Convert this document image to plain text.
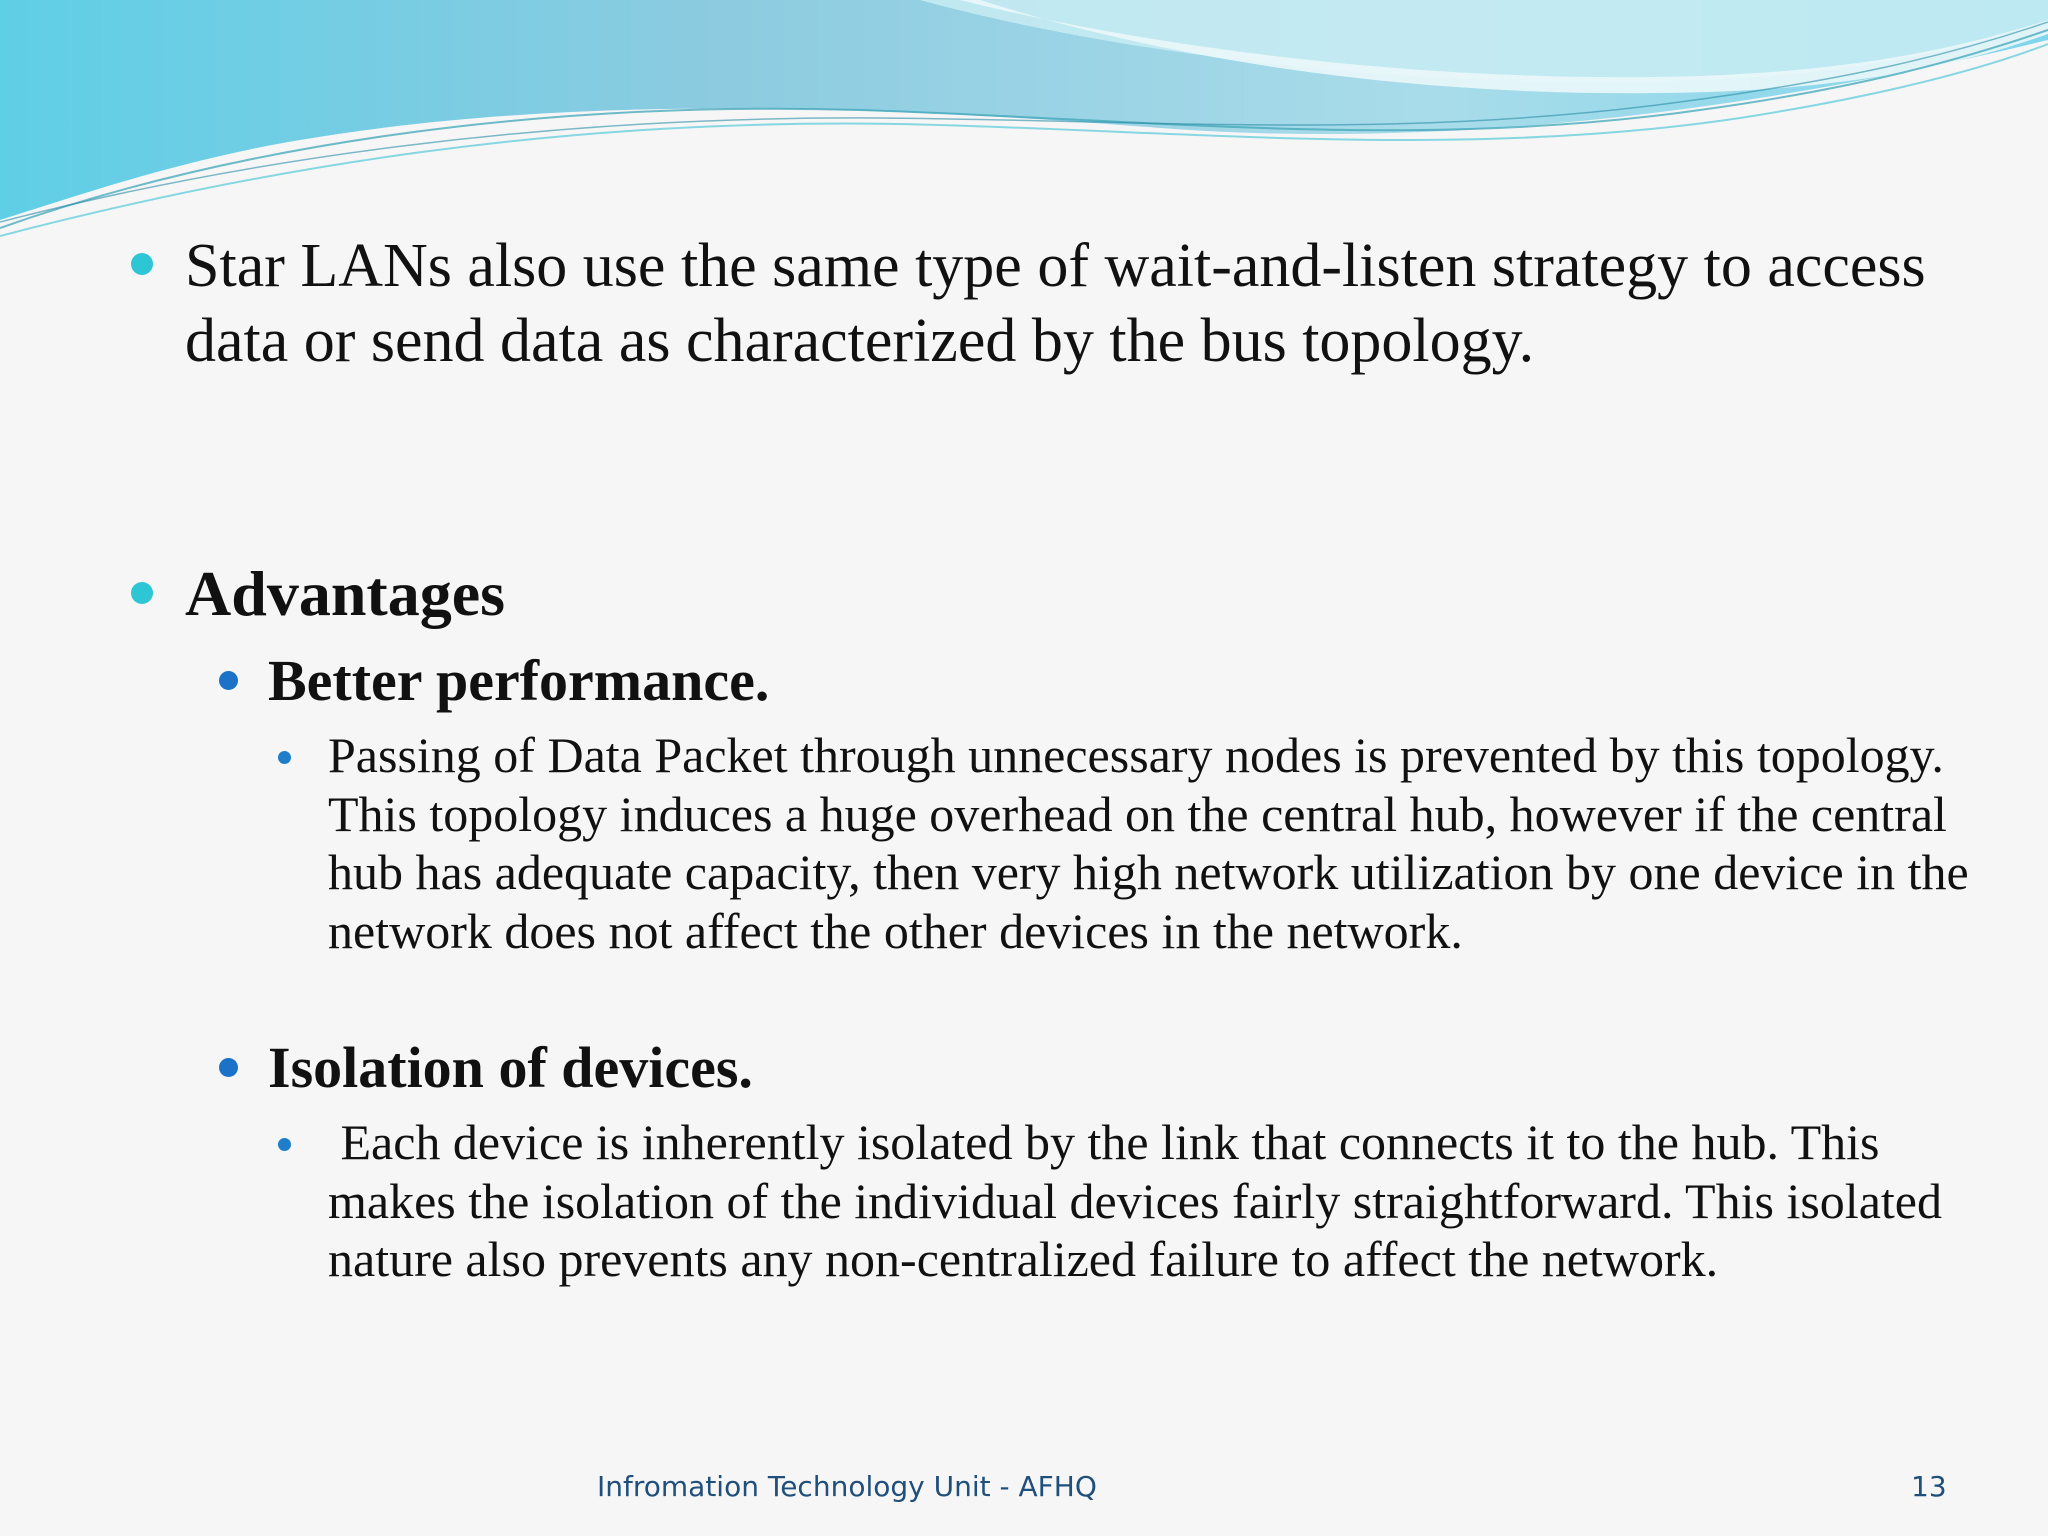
Star LANs also use the same type of wait-and-listen strategy to access data or send data as characterized by the bus topology.

Advantages

Better performance.

Passing of Data Packet through unnecessary nodes is prevented by this topology. This topology induces a huge overhead on the central hub, however if the central hub has adequate capacity, then very high network utilization by one device in the network does not affect the other devices in the network.

Isolation of devices.

Each device is inherently isolated by the link that connects it to the hub. This makes the isolation of the individual devices fairly straightforward. This isolated nature also prevents any non-centralized failure to affect the network.

Infromation Technology Unit - AFHQ	13
